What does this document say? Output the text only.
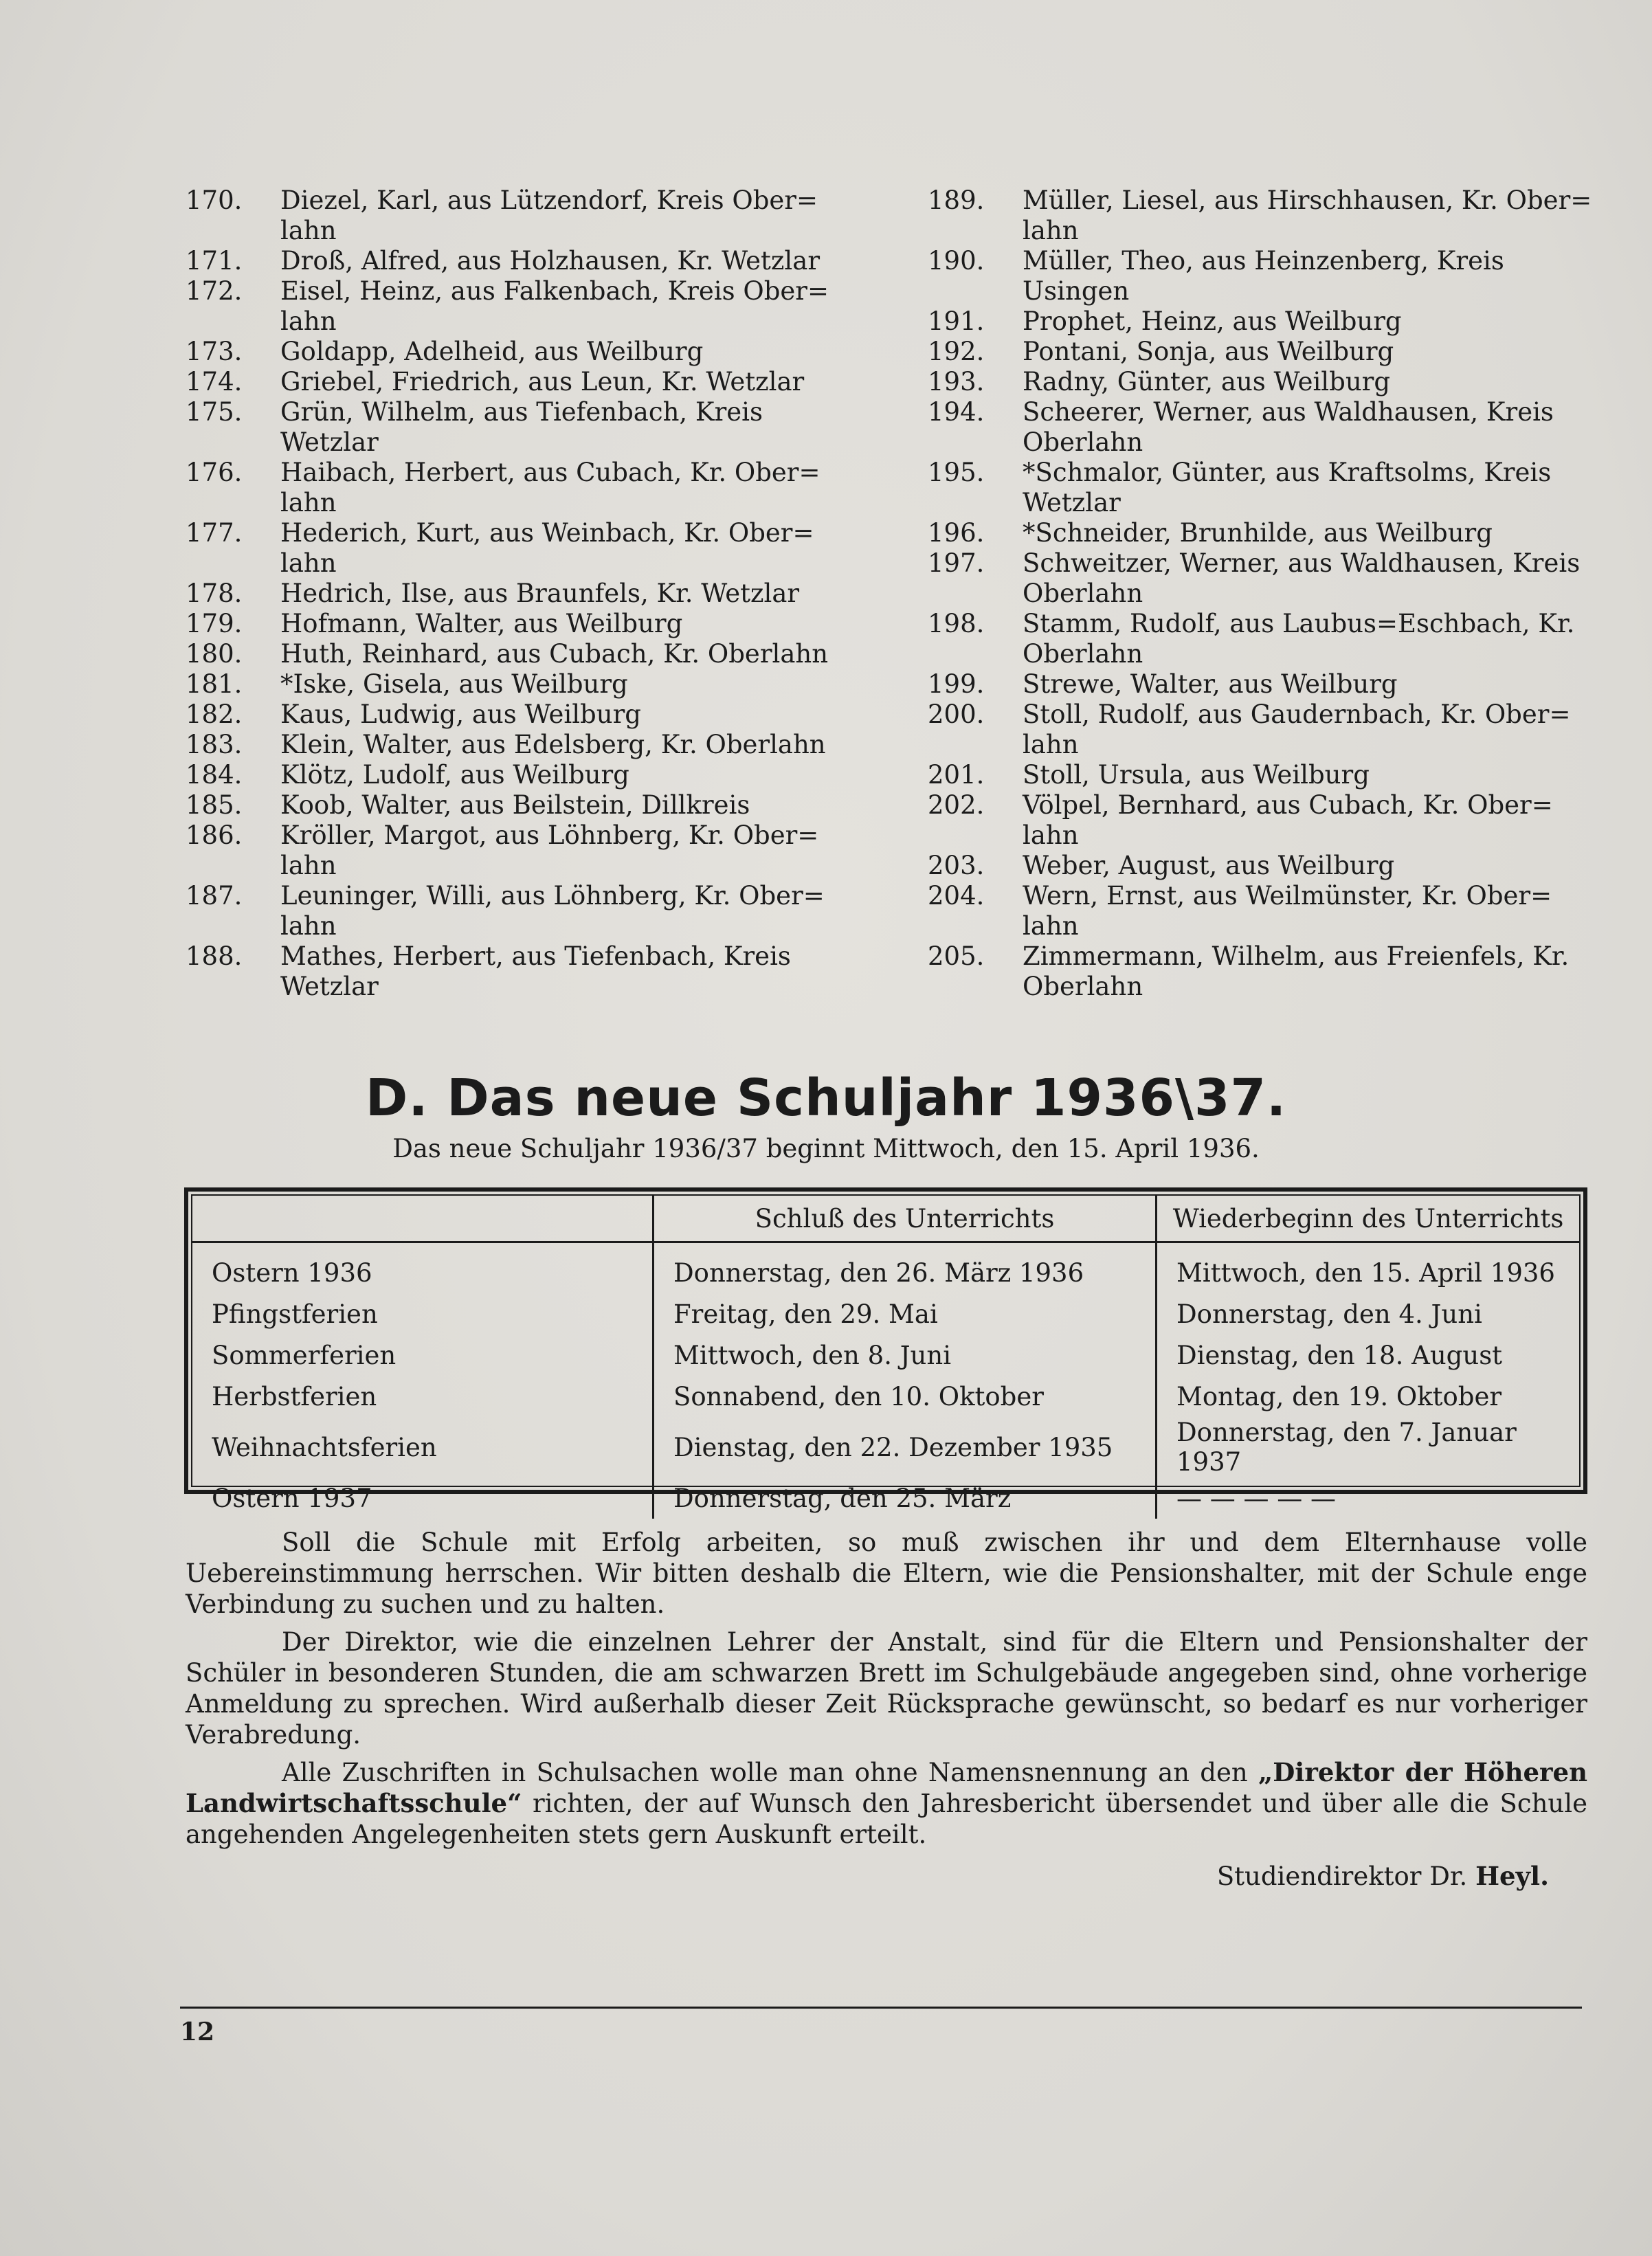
170. Diezel, Karl, aus Lützendorf, Kreis Ober=
lahn
171. Droß, Alfred, aus Holzhausen, Kr. Wetzlar
172. Eisel, Heinz, aus Falkenbach, Kreis Ober=
lahn
173. Goldapp, Adelheid, aus Weilburg
174. Griebel, Friedrich, aus Leun, Kr. Wetzlar
175. Grün, Wilhelm, aus Tiefenbach, Kreis
Wetzlar
176. Haibach, Herbert, aus Cubach, Kr. Ober=
lahn
177. Hederich, Kurt, aus Weinbach, Kr. Ober=
lahn
178. Hedrich, Ilse, aus Braunfels, Kr. Wetzlar
179. Hofmann, Walter, aus Weilburg
180. Huth, Reinhard, aus Cubach, Kr. Oberlahn
181. *Iske, Gisela, aus Weilburg
182. Kaus, Ludwig, aus Weilburg
183. Klein, Walter, aus Edelsberg, Kr. Oberlahn
184. Klötz, Ludolf, aus Weilburg
185. Koob, Walter, aus Beilstein, Dillkreis
186. Kröller, Margot, aus Löhnberg, Kr. Ober=
lahn
187. Leuninger, Willi, aus Löhnberg, Kr. Ober=
lahn
188. Mathes, Herbert, aus Tiefenbach, Kreis
Wetzlar
189. Müller, Liesel, aus Hirschhausen, Kr. Ober=
lahn
190. Müller, Theo, aus Heinzenberg, Kreis
Usingen
191. Prophet, Heinz, aus Weilburg
192. Pontani, Sonja, aus Weilburg
193. Radny, Günter, aus Weilburg
194. Scheerer, Werner, aus Waldhausen, Kreis
Oberlahn
195. *Schmalor, Günter, aus Kraftsolms, Kreis
Wetzlar
196. *Schneider, Brunhilde, aus Weilburg
197. Schweitzer, Werner, aus Waldhausen, Kreis
Oberlahn
198. Stamm, Rudolf, aus Laubus=Eschbach, Kr.
Oberlahn
199. Strewe, Walter, aus Weilburg
200. Stoll, Rudolf, aus Gaudernbach, Kr. Ober=
lahn
201. Stoll, Ursula, aus Weilburg
202. Völpel, Bernhard, aus Cubach, Kr. Ober=
lahn
203. Weber, August, aus Weilburg
204. Wern, Ernst, aus Weilmünster, Kr. Ober=
lahn
205. Zimmermann, Wilhelm, aus Freienfels, Kr.
Oberlahn
D. Das neue Schuljahr 1936\37.
Das neue Schuljahr 1936/37 beginnt Mittwoch, den 15. April 1936.
	Schluß des Unterrichts	Wiederbeginn des Unterrichts
Ostern 1936	Donnerstag, den 26. März 1936	Mittwoch, den 15. April 1936
Pfingstferien	Freitag, den 29. Mai	Donnerstag, den 4. Juni
Sommerferien	Mittwoch, den 8. Juni	Dienstag, den 18. August
Herbstferien	Sonnabend, den 10. Oktober	Montag, den 19. Oktober
Weihnachtsferien	Dienstag, den 22. Dezember 1935	Donnerstag, den 7. Januar 1937
Ostern 1937	Donnerstag, den 25. März	— — — — —

Soll die Schule mit Erfolg arbeiten, so muß zwischen ihr und dem Elternhause volle Uebereinstimmung herrschen. Wir bitten deshalb die Eltern, wie die Pensionshalter, mit der Schule enge Verbindung zu suchen und zu halten.

Der Direktor, wie die einzelnen Lehrer der Anstalt, sind für die Eltern und Pensionshalter der Schüler in besonderen Stunden, die am schwarzen Brett im Schulgebäude angegeben sind, ohne vorherige Anmeldung zu sprechen. Wird außerhalb dieser Zeit Rücksprache gewünscht, so bedarf es nur vorheriger Verabredung.

Alle Zuschriften in Schulsachen wolle man ohne Namensnennung an den „Direktor der Höheren Landwirtschaftsschule“ richten, der auf Wunsch den Jahresbericht übersendet und über alle die Schule angehenden Angelegenheiten stets gern Auskunft erteilt.

Studiendirektor Dr. Heyl.
12
